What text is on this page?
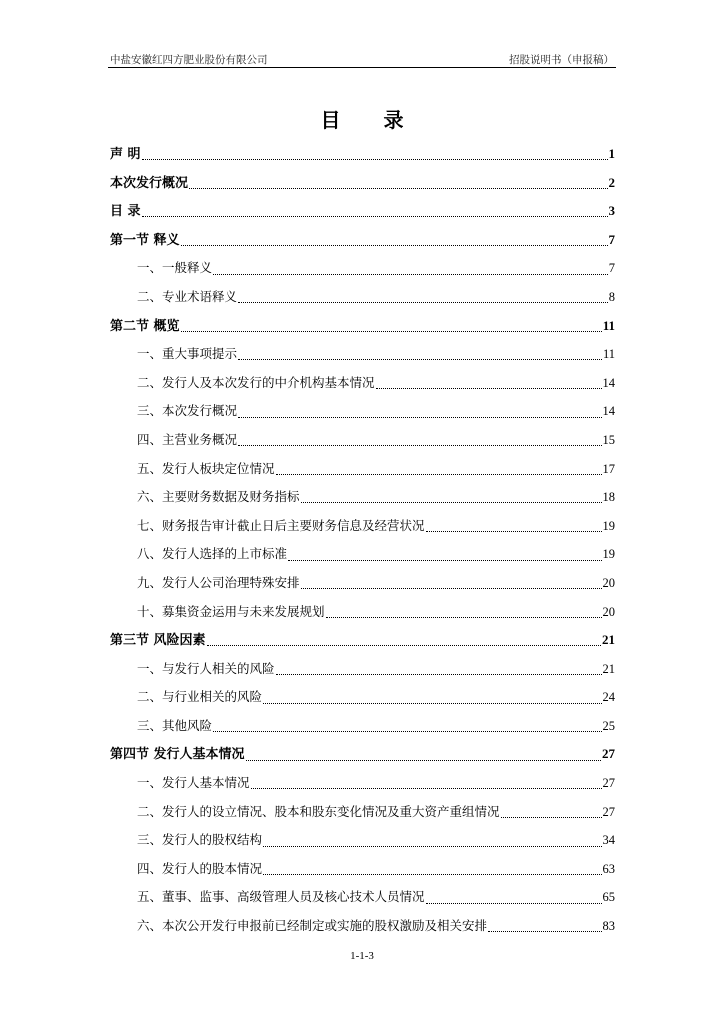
中盐安徽红四方肥业股份有限公司	招股说明书（申报稿）
目 录
声 明	1
本次发行概况	2
目 录	3
第一节 释义	7
一、一般释义	7
二、专业术语释义	8
第二节 概览	11
一、重大事项提示	11
二、发行人及本次发行的中介机构基本情况	14
三、本次发行概况	14
四、主营业务概况	15
五、发行人板块定位情况	17
六、主要财务数据及财务指标	18
七、财务报告审计截止日后主要财务信息及经营状况	19
八、发行人选择的上市标准	19
九、发行人公司治理特殊安排	20
十、募集资金运用与未来发展规划	20
第三节 风险因素	21
一、与发行人相关的风险	21
二、与行业相关的风险	24
三、其他风险	25
第四节 发行人基本情况	27
一、发行人基本情况	27
二、发行人的设立情况、股本和股东变化情况及重大资产重组情况	27
三、发行人的股权结构	34
四、发行人的股本情况	63
五、董事、监事、高级管理人员及核心技术人员情况	65
六、本次公开发行申报前已经制定或实施的股权激励及相关安排	83
1-1-3
